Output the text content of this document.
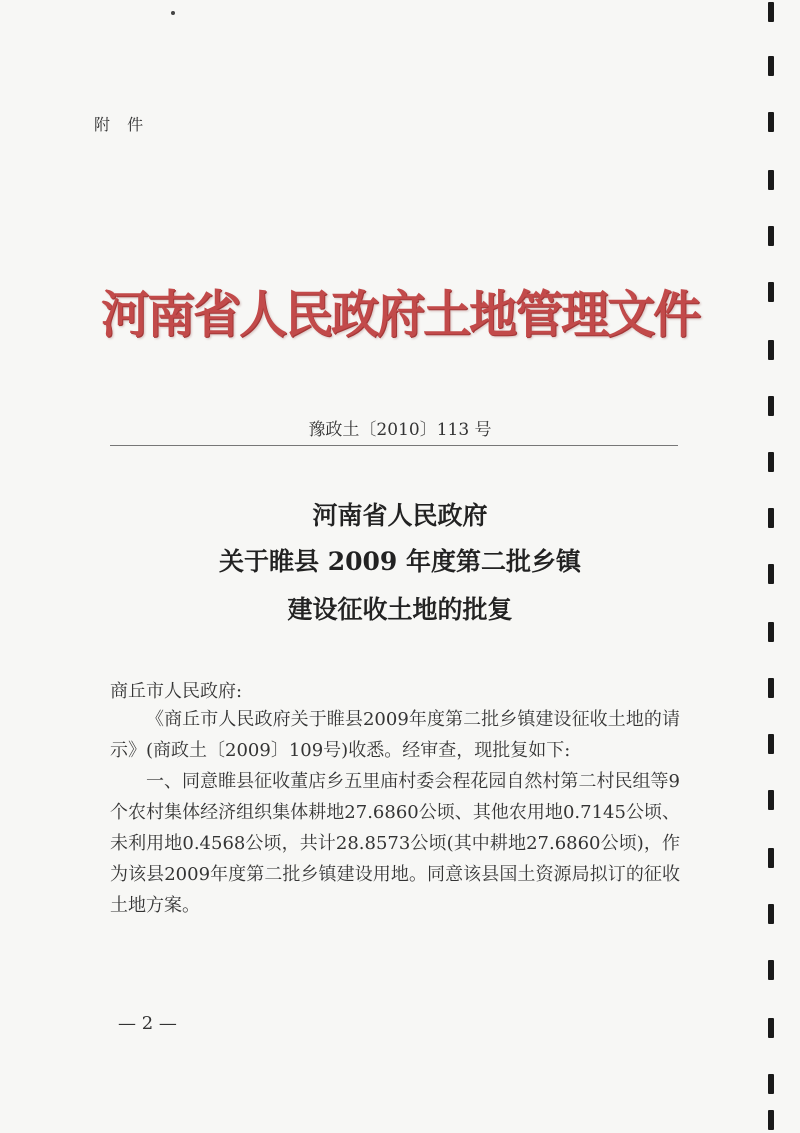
附 件
河南省人民政府土地管理文件
豫政土〔2010〕113 号
河南省人民政府
关于睢县 2009 年度第二批乡镇
建设征收土地的批复
商丘市人民政府:

《商丘市人民政府关于睢县2009年度第二批乡镇建设征收土地的请示》(商政土〔2009〕109号)收悉。经审查，现批复如下:

一、同意睢县征收董店乡五里庙村委会程花园自然村第二村民组等9个农村集体经济组织集体耕地27.6860公顷、其他农用地0.7145公顷、未利用地0.4568公顷，共计28.8573公顷(其中耕地27.6860公顷)，作为该县2009年度第二批乡镇建设用地。同意该县国土资源局拟订的征收土地方案。

— 2 —
